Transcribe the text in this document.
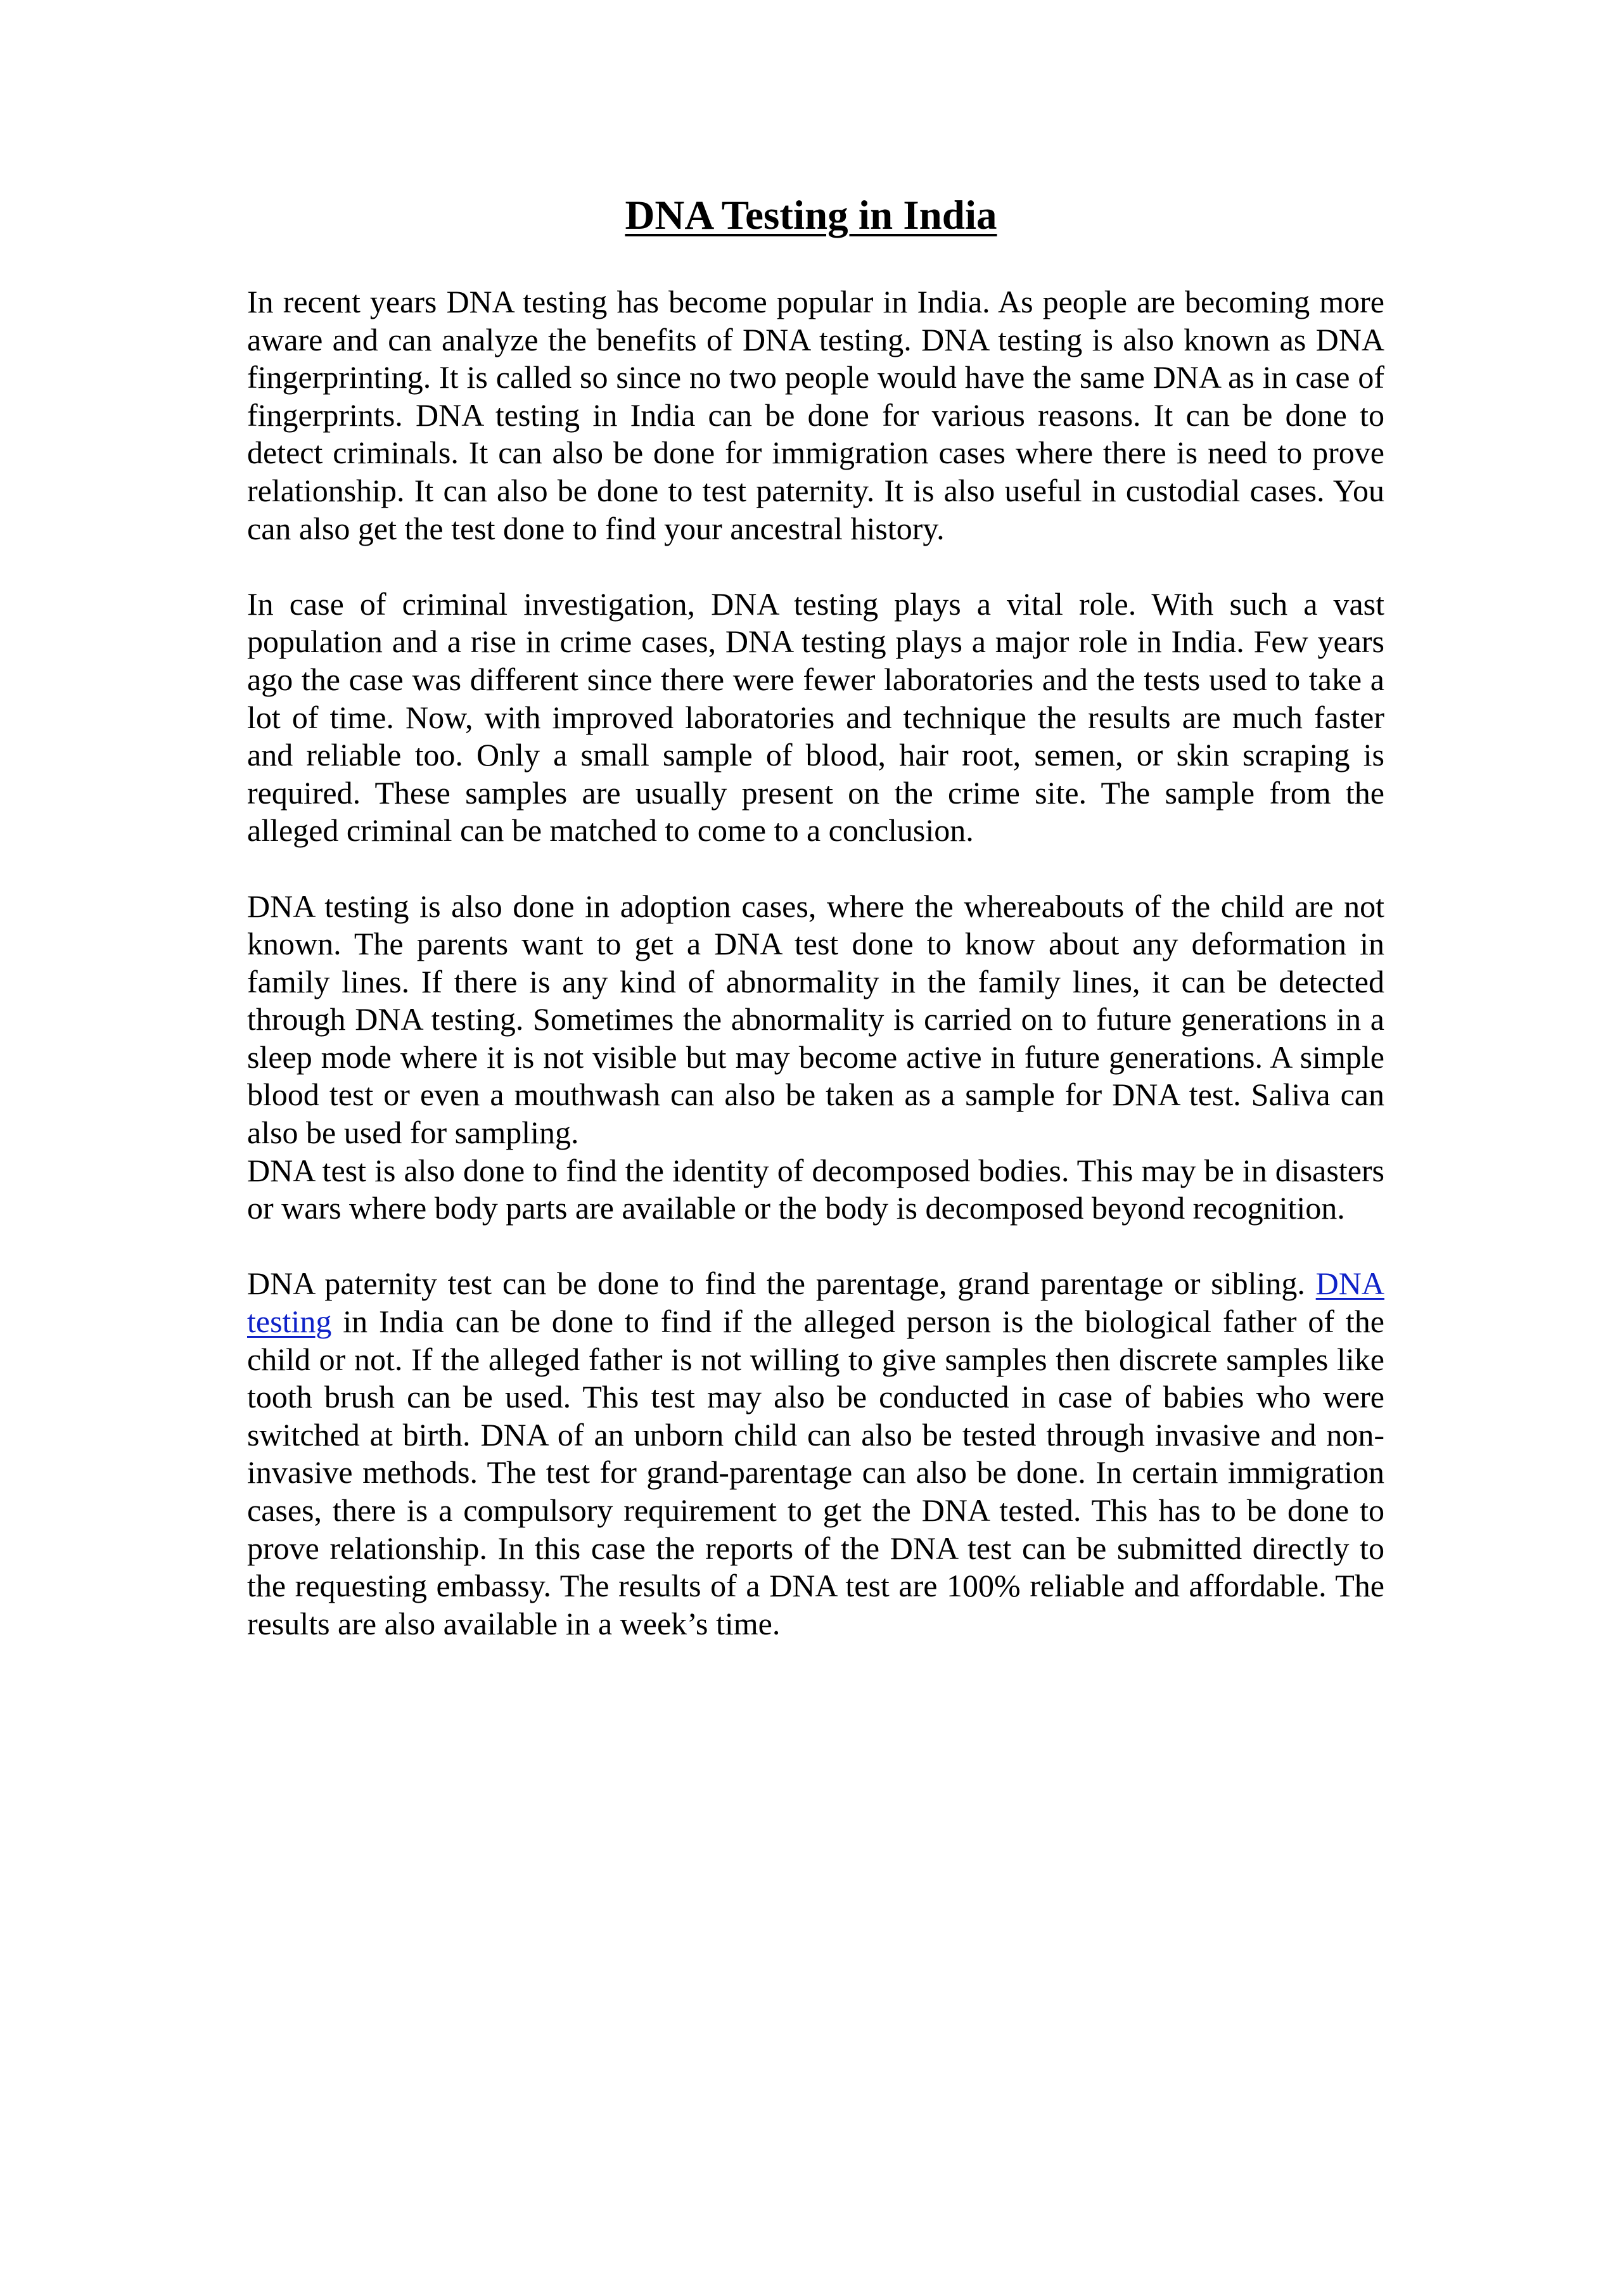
DNA Testing in India

In recent years DNA testing has become popular in India. As people are becoming more aware and can analyze the benefits of DNA testing. DNA testing is also known as DNA fingerprinting. It is called so since no two people would have the same DNA as in case of fingerprints. DNA testing in India can be done for various reasons. It can be done to detect criminals. It can also be done for immigration cases where there is need to prove relationship. It can also be done to test paternity. It is also useful in custodial cases. You can also get the test done to find your ancestral history.

In case of criminal investigation, DNA testing plays a vital role. With such a vast population and a rise in crime cases, DNA testing plays a major role in India. Few years ago the case was different since there were fewer laboratories and the tests used to take a lot of time. Now, with improved laboratories and technique the results are much faster and reliable too. Only a small sample of blood, hair root, semen, or skin scraping is required. These samples are usually present on the crime site. The sample from the alleged criminal can be matched to come to a conclusion.

DNA testing is also done in adoption cases, where the whereabouts of the child are not known. The parents want to get a DNA test done to know about any deformation in family lines. If there is any kind of abnormality in the family lines, it can be detected through DNA testing. Sometimes the abnormality is carried on to future generations in a sleep mode where it is not visible but may become active in future generations. A simple blood test or even a mouthwash can also be taken as a sample for DNA test. Saliva can also be used for sampling.

DNA test is also done to find the identity of decomposed bodies. This may be in disasters or wars where body parts are available or the body is decomposed beyond recognition.

DNA paternity test can be done to find the parentage, grand parentage or sibling. DNA testing in India can be done to find if the alleged person is the biological father of the child or not. If the alleged father is not willing to give samples then discrete samples like tooth brush can be used. This test may also be conducted in case of babies who were switched at birth. DNA of an unborn child can also be tested through invasive and non-invasive methods. The test for grand-parentage can also be done. In certain immigration cases, there is a compulsory requirement to get the DNA tested. This has to be done to prove relationship. In this case the reports of the DNA test can be submitted directly to the requesting embassy. The results of a DNA test are 100% reliable and affordable. The results are also available in a week’s time.
